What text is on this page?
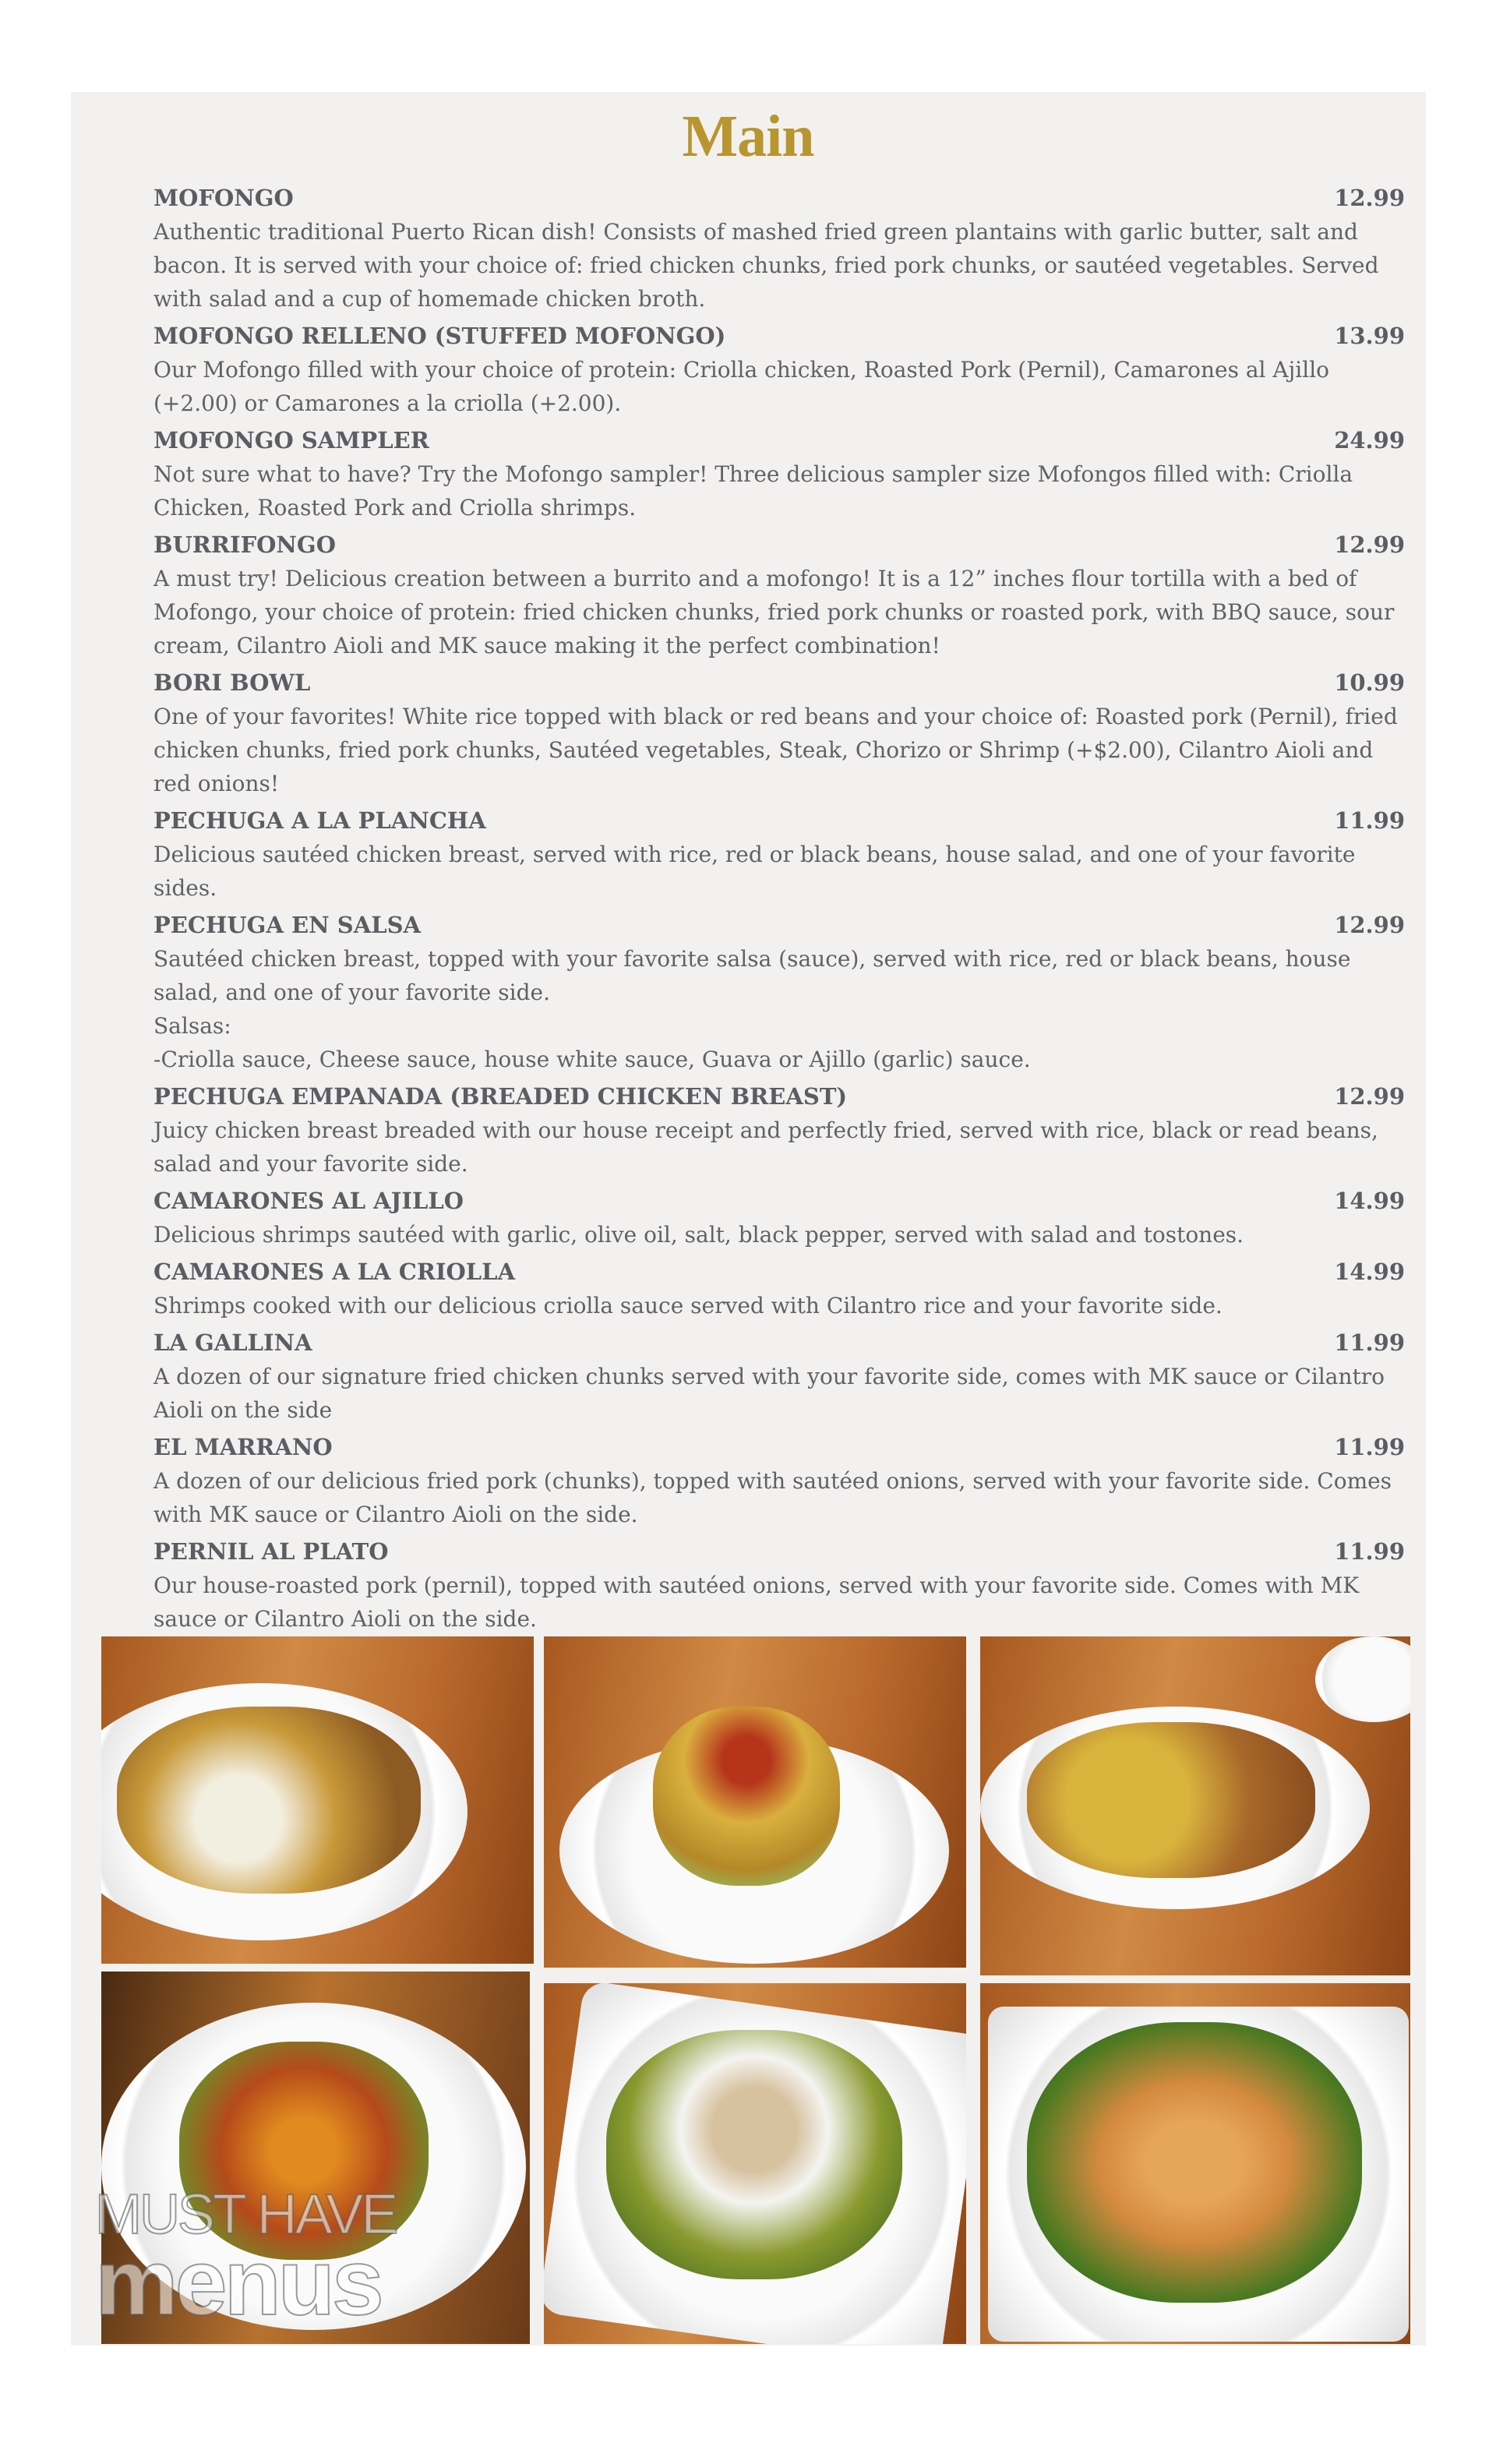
Main
MOFONGO	12.99
Authentic traditional Puerto Rican dish! Consists of mashed fried green plantains with garlic butter, salt and bacon. It is served with your choice of: fried chicken chunks, fried pork chunks, or sautéed vegetables. Served with salad and a cup of homemade chicken broth.
MOFONGO RELLENO (STUFFED MOFONGO)	13.99
Our Mofongo filled with your choice of protein: Criolla chicken, Roasted Pork (Pernil), Camarones al Ajillo (+2.00) or Camarones a la criolla (+2.00).
MOFONGO SAMPLER	24.99
Not sure what to have? Try the Mofongo sampler! Three delicious sampler size Mofongos filled with: Criolla Chicken, Roasted Pork and Criolla shrimps.
BURRIFONGO	12.99
A must try! Delicious creation between a burrito and a mofongo! It is a 12” inches flour tortilla with a bed of Mofongo, your choice of protein: fried chicken chunks, fried pork chunks or roasted pork, with BBQ sauce, sour cream, Cilantro Aioli and MK sauce making it the perfect combination!
BORI BOWL	10.99
One of your favorites! White rice topped with black or red beans and your choice of: Roasted pork (Pernil), fried chicken chunks, fried pork chunks, Sautéed vegetables, Steak, Chorizo or Shrimp (+$2.00), Cilantro Aioli and red onions!
PECHUGA A LA PLANCHA	11.99
Delicious sautéed chicken breast, served with rice, red or black beans, house salad, and one of your favorite sides.
PECHUGA EN SALSA	12.99
Sautéed chicken breast, topped with your favorite salsa (sauce), served with rice, red or black beans, house salad, and one of your favorite side.
Salsas:
-Criolla sauce, Cheese sauce, house white sauce, Guava or Ajillo (garlic) sauce.
PECHUGA EMPANADA (BREADED CHICKEN BREAST)	12.99
Juicy chicken breast breaded with our house receipt and perfectly fried, served with rice, black or read beans, salad and your favorite side.
CAMARONES AL AJILLO	14.99
Delicious shrimps sautéed with garlic, olive oil, salt, black pepper, served with salad and tostones.
CAMARONES A LA CRIOLLA	14.99
Shrimps cooked with our delicious criolla sauce served with Cilantro rice and your favorite side.
LA GALLINA	11.99
A dozen of our signature fried chicken chunks served with your favorite side, comes with MK sauce or Cilantro Aioli on the side
EL MARRANO	11.99
A dozen of our delicious fried pork (chunks), topped with sautéed onions, served with your favorite side. Comes with MK sauce or Cilantro Aioli on the side.
PERNIL AL PLATO	11.99
Our house-roasted pork (pernil), topped with sautéed onions, served with your favorite side. Comes with MK sauce or Cilantro Aioli on the side.
MUST HAVE
menus
